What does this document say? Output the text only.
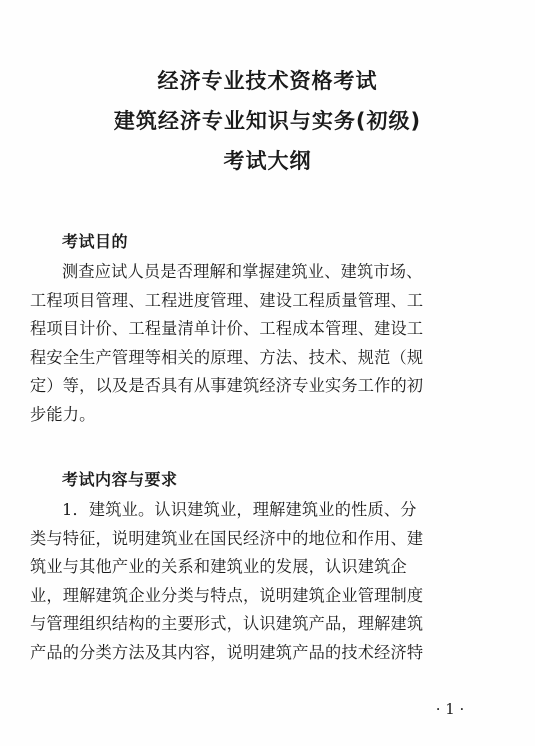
经济专业技术资格考试
建筑经济专业知识与实务(初级)
考试大纲
考试目的
测查应试人员是否理解和掌握建筑业、建筑市场、
工程项目管理、工程进度管理、建设工程质量管理、工
程项目计价、工程量清单计价、工程成本管理、建设工
程安全生产管理等相关的原理、方法、技术、规范（规
定）等，以及是否具有从事建筑经济专业实务工作的初
步能力。
考试内容与要求
1．建筑业。认识建筑业，理解建筑业的性质、分
类与特征，说明建筑业在国民经济中的地位和作用、建
筑业与其他产业的关系和建筑业的发展，认识建筑企
业，理解建筑企业分类与特点，说明建筑企业管理制度
与管理组织结构的主要形式，认识建筑产品，理解建筑
产品的分类方法及其内容，说明建筑产品的技术经济特
· 1 ·
